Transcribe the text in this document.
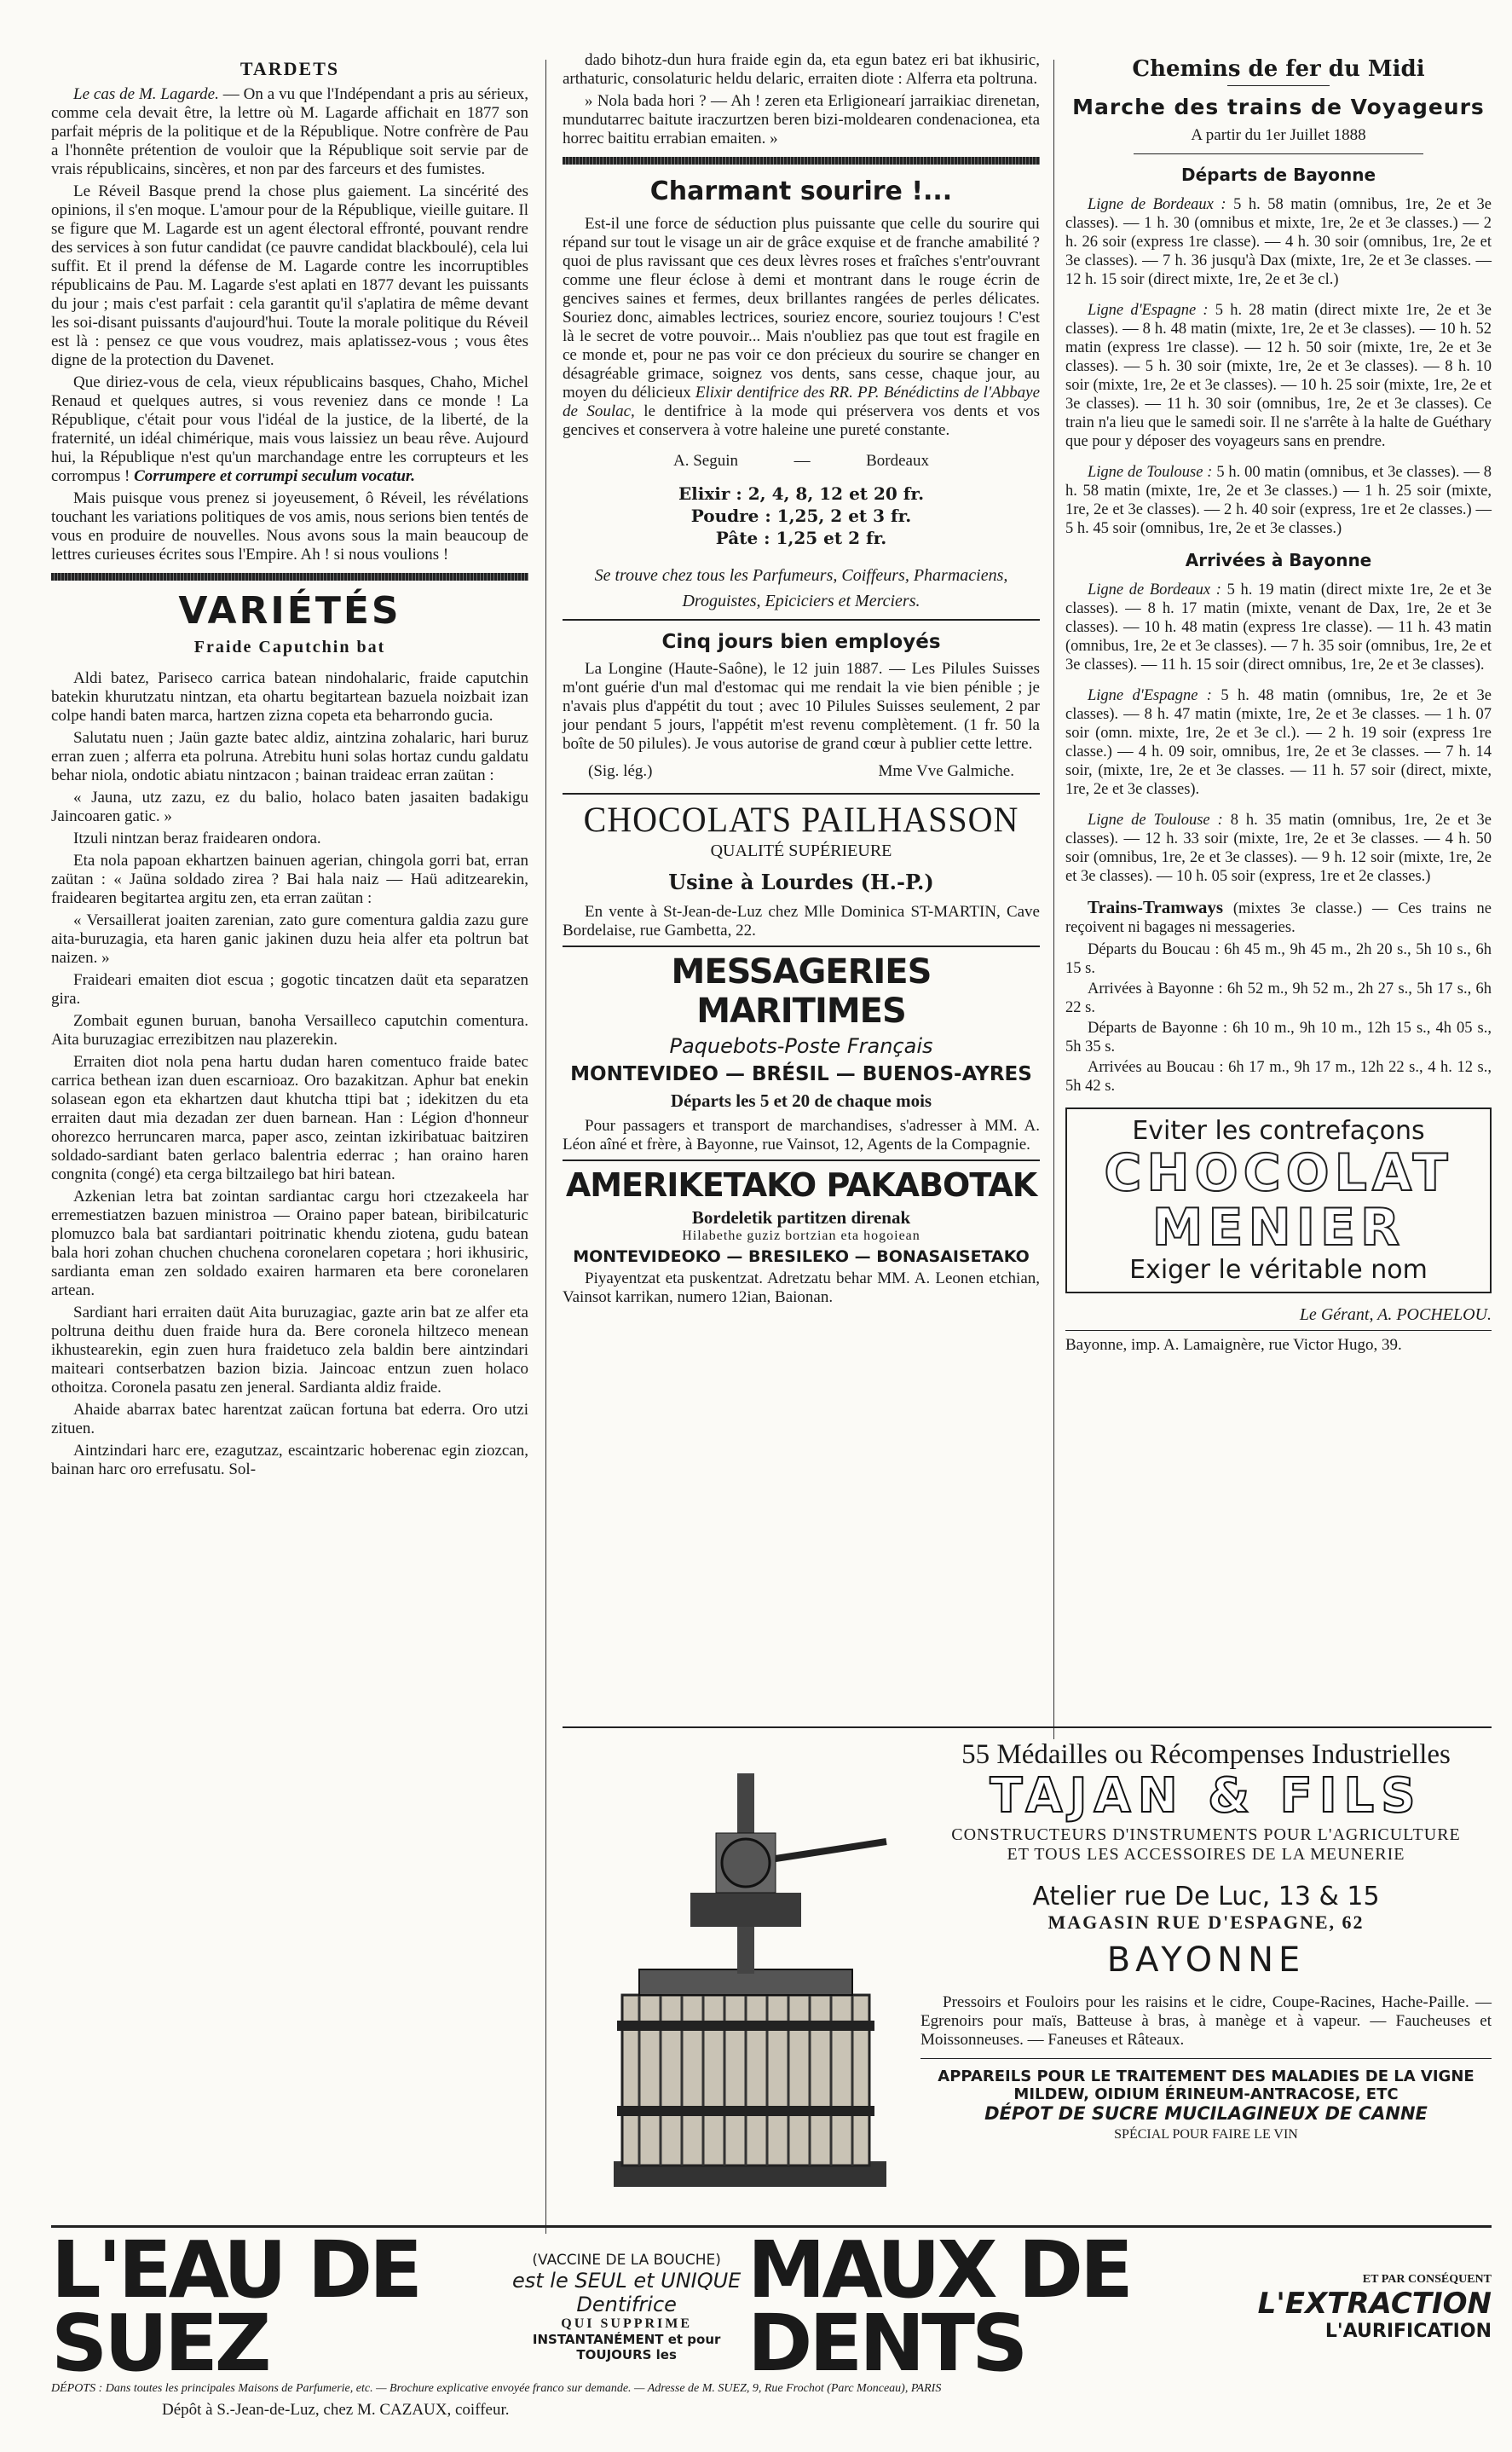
TARDETS

Le cas de M. Lagarde. — On a vu que l'Indépendant a pris au sérieux, comme cela devait être, la lettre où M. Lagarde affichait en 1877 son parfait mépris de la politique et de la République. Notre confrère de Pau a l'honnête prétention de vouloir que la République soit servie par de vrais républicains, sincères, et non par des farceurs et des fumistes.

Le Réveil Basque prend la chose plus gaiement. La sincérité des opinions, il s'en moque. L'amour pour de la République, vieille guitare. Il se figure que M. Lagarde est un agent électoral effronté, pouvant rendre des services à son futur candidat (ce pauvre candidat blackboulé), cela lui suffit. Et il prend la défense de M. Lagarde contre les incorruptibles républicains de Pau. M. Lagarde s'est aplati en 1877 devant les puissants du jour ; mais c'est parfait : cela garantit qu'il s'aplatira de même devant les soi-disant puissants d'aujourd'hui. Toute la morale politique du Réveil est là : pensez ce que vous voudrez, mais aplatissez-vous ; vous êtes digne de la protection du Davenet.

Que diriez-vous de cela, vieux républicains basques, Chaho, Michel Renaud et quelques autres, si vous reveniez dans ce monde ! La République, c'était pour vous l'idéal de la justice, de la liberté, de la fraternité, un idéal chimérique, mais vous laissiez un beau rêve. Aujourd hui, la République n'est qu'un marchandage entre les corrupteurs et les corrompus ! Corrumpere et corrumpi seculum vocatur.

Mais puisque vous prenez si joyeusement, ô Réveil, les révélations touchant les variations politiques de vos amis, nous serions bien tentés de vous en produire de nouvelles. Nous avons sous la main beaucoup de lettres curieuses écrites sous l'Empire. Ah ! si nous voulions !

VARIÉTÉS
Fraide Caputchin bat

Aldi batez, Pariseco carrica batean nindohalaric, fraide caputchin batekin khurutzatu nintzan, eta ohartu begitartean bazuela noizbait izan colpe handi baten marca, hartzen zizna copeta eta beharrondo gucia.

Salutatu nuen ; Jaün gazte batec aldiz, aintzina zohalaric, hari buruz erran zuen ; alferra eta polruna. Atrebitu huni solas hortaz cundu galdatu behar niola, ondotic abiatu nintzacon ; bainan traideac erran zaütan :

« Jauna, utz zazu, ez du balio, holaco baten jasaiten badakigu Jaincoaren gatic. »

Itzuli nintzan beraz fraidearen ondora.

Eta nola papoan ekhartzen bainuen agerian, chingola gorri bat, erran zaütan : « Jaüna soldado zirea ? Bai hala naiz — Haü aditzearekin, fraidearen begitartea argitu zen, eta erran zaütan :

« Versaillerat joaiten zarenian, zato gure comentura galdia zazu gure aita-buruzagia, eta haren ganic jakinen duzu heia alfer eta poltrun bat naizen. »

Fraideari emaiten diot escua ; gogotic tincatzen daüt eta separatzen gira.

Zombait egunen buruan, banoha Versailleco caputchin comentura. Aita buruzagiac errezibitzen nau plazerekin.

Erraiten diot nola pena hartu dudan haren comentuco fraide batec carrica bethean izan duen escarnioaz. Oro bazakitzan. Aphur bat enekin solasean egon eta ekhartzen daut khutcha ttipi bat ; idekitzen du eta erraiten daut mia dezadan zer duen barnean. Han : Légion d'honneur ohorezco herruncaren marca, paper asco, zeintan izkiribatuac baitziren soldado-sardiant baten gerlaco balentria ederrac ; han oraino haren congnita (congé) eta cerga biltzailego bat hiri batean.

Azkenian letra bat zointan sardiantac cargu hori ctzezakeela har erremestiatzen bazuen ministroa — Oraino paper batean, biribilcaturic plomuzco bala bat sardiantari poitrinatic khendu ziotena, gudu batean bala hori zohan chuchen chuchena coronelaren copetara ; hori ikhusiric, sardianta eman zen soldado exairen harmaren eta bere coronelaren artean.

Sardiant hari erraiten daüt Aita buruzagiac, gazte arin bat ze alfer eta poltruna deithu duen fraide hura da. Bere coronela hiltzeco menean ikhustearekin, egin zuen hura fraidetuco zela baldin bere aintzindari maiteari contserbatzen bazion bizia. Jaincoac entzun zuen holaco othoitza. Coronela pasatu zen jeneral. Sardianta aldiz fraide.

Ahaide abarrax batec harentzat zaücan fortuna bat ederra. Oro utzi zituen.

Aintzindari harc ere, ezagutzaz, escaintzaric hoberenac egin ziozcan, bainan harc oro errefusatu. Sol-

dado bihotz-dun hura fraide egin da, eta egun batez eri bat ikhusiric, arthaturic, consolaturic heldu delaric, erraiten diote : Alferra eta poltruna.

» Nola bada hori ? — Ah ! zeren eta Erligionearí jarraikiac direnetan, mundutarrec baitute iraczurtzen beren bizi-moldearen condenacionea, eta horrec baititu errabian emaiten. »

Charmant sourire !...

Est-il une force de séduction plus puissante que celle du sourire qui répand sur tout le visage un air de grâce exquise et de franche amabilité ? quoi de plus ravissant que ces deux lèvres roses et fraîches s'entr'ouvrant comme une fleur éclose à demi et montrant dans le rouge écrin de gencives saines et fermes, deux brillantes rangées de perles délicates. Souriez donc, aimables lectrices, souriez encore, souriez toujours ! C'est là le secret de votre pouvoir... Mais n'oubliez pas que tout est fragile en ce monde et, pour ne pas voir ce don précieux du sourire se changer en désagréable grimace, soignez vos dents, sans cesse, chaque jour, au moyen du délicieux Elixir dentifrice des RR. PP. Bénédictins de l'Abbaye de Soulac, le dentifrice à la mode qui préservera vos dents et vos gencives et conservera à votre haleine une pureté constante.

A. Seguin	—	Bordeaux
Elixir : 2, 4, 8, 12 et 20 fr.
Poudre : 1,25, 2 et 3 fr.
Pâte : 1,25 et 2 fr.

Se trouve chez tous les Parfumeurs, Coiffeurs, Pharmaciens, Droguistes, Epiciciers et Merciers.

Cinq jours bien employés

La Longine (Haute-Saône), le 12 juin 1887. — Les Pilules Suisses m'ont guérie d'un mal d'estomac qui me rendait la vie bien pénible ; je n'avais plus d'appétit du tout ; avec 10 Pilules Suisses seulement, 2 par jour pendant 5 jours, l'appétit m'est revenu complètement. (1 fr. 50 la boîte de 50 pilules). Je vous autorise de grand cœur à publier cette lettre.

(Sig. lég.)	Mme Vve Galmiche.
CHOCOLATS PAILHASSON
QUALITÉ SUPÉRIEURE
Usine à Lourdes (H.-P.)

En vente à St-Jean-de-Luz chez Mlle Dominica ST-MARTIN, Cave Bordelaise, rue Gambetta, 22.

MESSAGERIES MARITIMES
Paquebots-Poste Français
MONTEVIDEO — BRÉSIL — BUENOS-AYRES
Départs les 5 et 20 de chaque mois

Pour passagers et transport de marchandises, s'adresser à MM. A. Léon aîné et frère, à Bayonne, rue Vainsot, 12, Agents de la Compagnie.

AMERIKETAKO PAKABOTAK
Bordeletik partitzen direnak
Hilabethe guziz bortzian eta hogoiean
MONTEVIDEOKO — BRESILEKO — BONASAISETAKO

Piyayentzat eta puskentzat. Adretzatu behar MM. A. Leonen etchian, Vainsot karrikan, numero 12ian, Baionan.

Chemins de fer du Midi
Marche des trains de Voyageurs
A partir du 1er Juillet 1888
Départs de Bayonne

Ligne de Bordeaux : 5 h. 58 matin (omnibus, 1re, 2e et 3e classes). — 1 h. 30 (omnibus et mixte, 1re, 2e et 3e classes.) — 2 h. 26 soir (express 1re classe). — 4 h. 30 soir (omnibus, 1re, 2e et 3e classes). — 7 h. 36 jusqu'à Dax (mixte, 1re, 2e et 3e classes. — 12 h. 15 soir (direct mixte, 1re, 2e et 3e cl.)

Ligne d'Espagne : 5 h. 28 matin (direct mixte 1re, 2e et 3e classes). — 8 h. 48 matin (mixte, 1re, 2e et 3e classes). — 10 h. 52 matin (express 1re classe). — 12 h. 50 soir (mixte, 1re, 2e et 3e classes). — 5 h. 30 soir (mixte, 1re, 2e et 3e classes). — 8 h. 10 soir (mixte, 1re, 2e et 3e classes). — 10 h. 25 soir (mixte, 1re, 2e et 3e classes). — 11 h. 30 soir (omnibus, 1re, 2e et 3e classes). Ce train n'a lieu que le samedi soir. Il ne s'arrête à la halte de Guéthary que pour y déposer des voyageurs sans en prendre.

Ligne de Toulouse : 5 h. 00 matin (omnibus, et 3e classes). — 8 h. 58 matin (mixte, 1re, 2e et 3e classes.) — 1 h. 25 soir (mixte, 1re, 2e et 3e classes). — 2 h. 40 soir (express, 1re et 2e classes.) — 5 h. 45 soir (omnibus, 1re, 2e et 3e classes.)

Arrivées à Bayonne

Ligne de Bordeaux : 5 h. 19 matin (direct mixte 1re, 2e et 3e classes). — 8 h. 17 matin (mixte, venant de Dax, 1re, 2e et 3e classes). — 10 h. 48 matin (express 1re classe). — 11 h. 43 matin (omnibus, 1re, 2e et 3e classes). — 7 h. 35 soir (omnibus, 1re, 2e et 3e classes). — 11 h. 15 soir (direct omnibus, 1re, 2e et 3e classes).

Ligne d'Espagne : 5 h. 48 matin (omnibus, 1re, 2e et 3e classes). — 8 h. 47 matin (mixte, 1re, 2e et 3e classes. — 1 h. 07 soir (omn. mixte, 1re, 2e et 3e cl.). — 2 h. 19 soir (express 1re classe.) — 4 h. 09 soir, omnibus, 1re, 2e et 3e classes. — 7 h. 14 soir, (mixte, 1re, 2e et 3e classes. — 11 h. 57 soir (direct, mixte, 1re, 2e et 3e classes).

Ligne de Toulouse : 8 h. 35 matin (omnibus, 1re, 2e et 3e classes). — 12 h. 33 soir (mixte, 1re, 2e et 3e classes. — 4 h. 50 soir (omnibus, 1re, 2e et 3e classes). — 9 h. 12 soir (mixte, 1re, 2e et 3e classes). — 10 h. 05 soir (express, 1re et 2e classes.)

Trains-Tramways (mixtes 3e classe.) — Ces trains ne reçoivent ni bagages ni messageries.

Départs du Boucau : 6h 45 m., 9h 45 m., 2h 20 s., 5h 10 s., 6h 15 s.

Arrivées à Bayonne : 6h 52 m., 9h 52 m., 2h 27 s., 5h 17 s., 6h 22 s.

Départs de Bayonne : 6h 10 m., 9h 10 m., 12h 15 s., 4h 05 s., 5h 35 s.

Arrivées au Boucau : 6h 17 m., 9h 17 m., 12h 22 s., 4 h. 12 s., 5h 42 s.

Eviter les contrefaçons
CHOCOLAT
MENIER
Exiger le véritable nom
Le Gérant, A. POCHELOU.
Bayonne, imp. A. Lamaignère, rue Victor Hugo, 39.
55 Médailles ou Récompenses Industrielles
TAJAN & FILS
CONSTRUCTEURS D'INSTRUMENTS POUR L'AGRICULTURE
ET TOUS LES ACCESSOIRES DE LA MEUNERIE
Atelier rue De Luc, 13 & 15
MAGASIN RUE D'ESPAGNE, 62
BAYONNE

Pressoirs et Fouloirs pour les raisins et le cidre, Coupe-Racines, Hache-Paille. — Egrenoirs pour maïs, Batteuse à bras, à manège et à vapeur. — Faucheuses et Moissonneuses. — Faneuses et Râteaux.

APPAREILS POUR LE TRAITEMENT DES MALADIES DE LA VIGNE
MILDEW, OIDIUM ÉRINEUM-ANTRACOSE, ETC
DÉPOT DE SUCRE MUCILAGINEUX DE CANNE
SPÉCIAL POUR FAIRE LE VIN
L'EAU DE SUEZ
(VACCINE DE LA BOUCHE)
est le SEUL et UNIQUE Dentifrice
QUI SUPPRIME
INSTANTANÉMENT et pour TOUJOURS les
MAUX DE DENTS
ET PAR CONSÉQUENT
L'EXTRACTION
L'AURIFICATION
DÉPOTS : Dans toutes les principales Maisons de Parfumerie, etc. — Brochure explicative envoyée franco sur demande. — Adresse de M. SUEZ, 9, Rue Frochot (Parc Monceau), PARIS
Dépôt à S.-Jean-de-Luz, chez M. CAZAUX, coiffeur.
